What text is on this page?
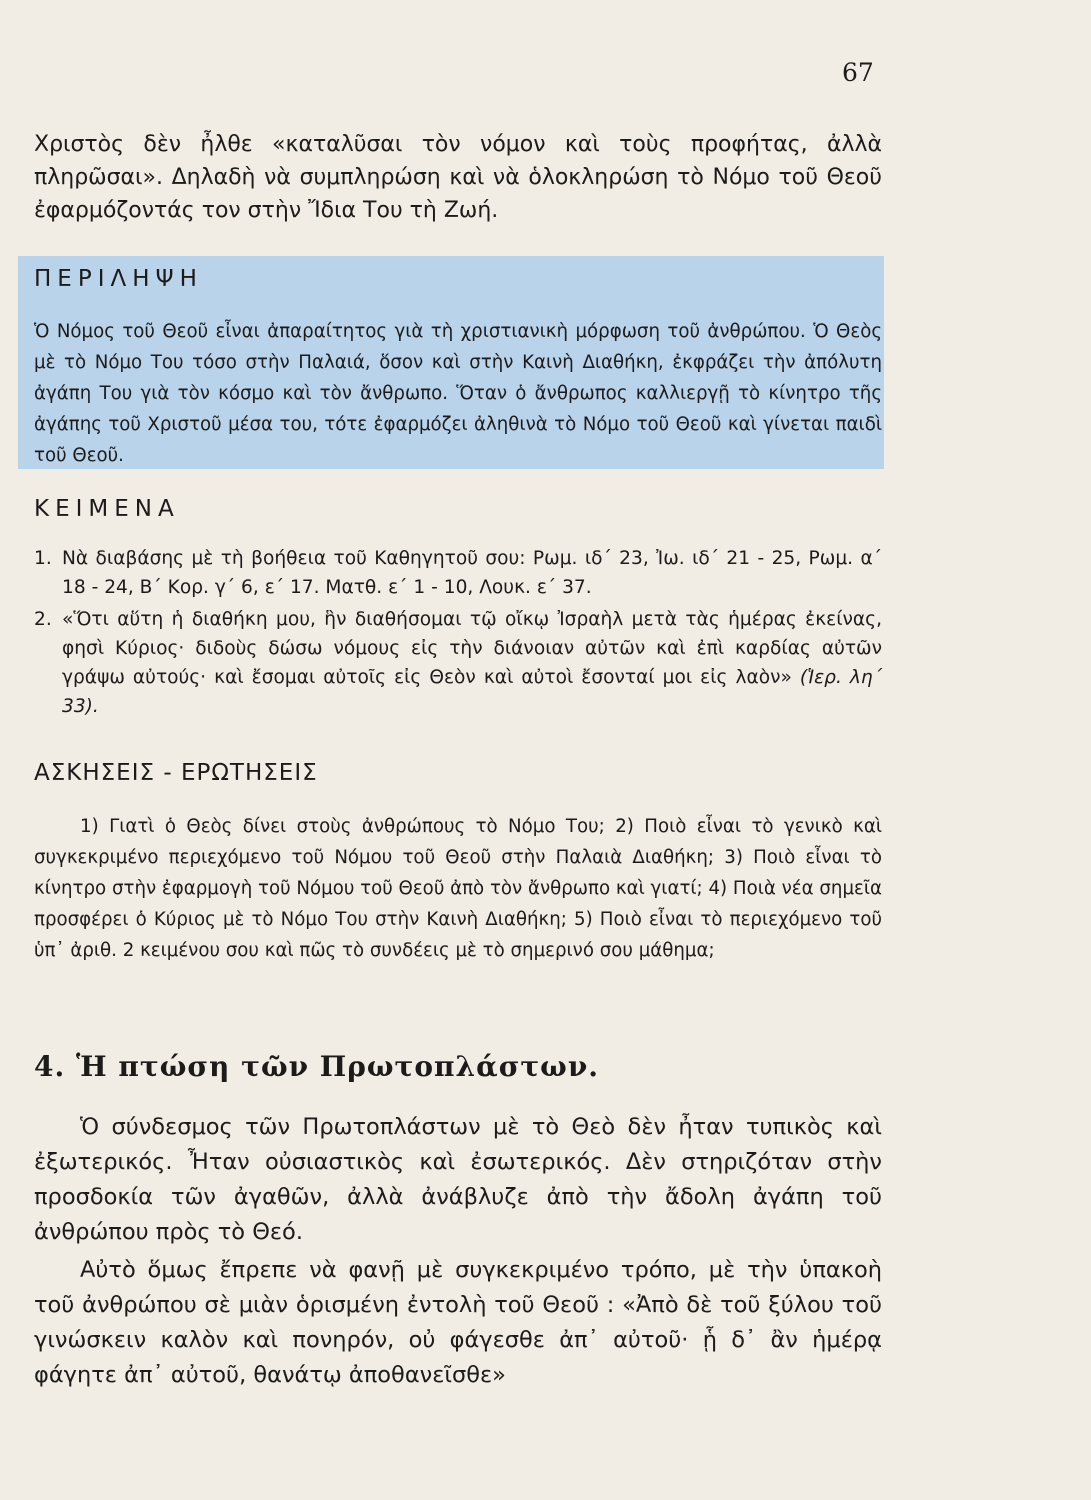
67

Χριστὸς δὲν ἦλθε «καταλῦσαι τὸν νόμον καὶ τοὺς προφήτας, ἀλλὰ πληρῶσαι». Δηλαδὴ νὰ συμπληρώση καὶ νὰ ὁλοκληρώση τὸ Νόμο τοῦ Θεοῦ ἐφαρμόζοντάς τον στὴν Ἴδια Του τὴ Ζωή.

ΠΕΡΙΛΗΨΗ

Ὁ Νόμος τοῦ Θεοῦ εἶναι ἀπαραίτητος γιὰ τὴ χριστιανικὴ μόρφωση τοῦ ἀνθρώπου. Ὁ Θεὸς μὲ τὸ Νόμο Του τόσο στὴν Παλαιά, ὅσον καὶ στὴν Καινὴ Διαθήκη, ἐκφράζει τὴν ἀπόλυτη ἀγάπη Του γιὰ τὸν κόσμο καὶ τὸν ἄνθρωπο. Ὅταν ὁ ἄνθρωπος καλλιεργῇ τὸ κίνητρο τῆς ἀγάπης τοῦ Χριστοῦ μέσα του, τότε ἐφαρμόζει ἀληθινὰ τὸ Νόμο τοῦ Θεοῦ καὶ γίνεται παιδὶ τοῦ Θεοῦ.

ΚΕΙΜΕΝΑ
1. Νὰ διαβάσης μὲ τὴ βοήθεια τοῦ Καθηγητοῦ σου: Ρωμ. ιδ΄ 23, Ἰω. ιδ΄ 21 - 25, Ρωμ. α΄ 18 - 24, Β΄ Κορ. γ΄ 6, ε΄ 17. Ματθ. ε΄ 1 - 10, Λουκ. ε΄ 37.
2. «Ὅτι αὕτη ἡ διαθήκη μου, ἣν διαθήσομαι τῷ οἴκῳ Ἰσραὴλ μετὰ τὰς ἡμέρας ἐκείνας, φησὶ Κύριος· διδοὺς δώσω νόμους εἰς τὴν διάνοιαν αὐτῶν καὶ ἐπὶ καρδίας αὐτῶν γράψω αὐτούς· καὶ ἔσομαι αὐτοῖς εἰς Θεὸν καὶ αὐτοὶ ἔσονταί μοι εἰς λαὸν» (Ἱερ. λη΄ 33).
ΑΣΚΗΣΕΙΣ - ΕΡΩΤΗΣΕΙΣ

1) Γιατὶ ὁ Θεὸς δίνει στοὺς ἀνθρώπους τὸ Νόμο Του; 2) Ποιὸ εἶναι τὸ γενικὸ καὶ συγκεκριμένο περιεχόμενο τοῦ Νόμου τοῦ Θεοῦ στὴν Παλαιὰ Διαθήκη; 3) Ποιὸ εἶναι τὸ κίνητρο στὴν ἐφαρμογὴ τοῦ Νόμου τοῦ Θεοῦ ἀπὸ τὸν ἄνθρωπο καὶ γιατί; 4) Ποιὰ νέα σημεῖα προσφέρει ὁ Κύριος μὲ τὸ Νόμο Του στὴν Καινὴ Διαθήκη; 5) Ποιὸ εἶναι τὸ περιεχόμενο τοῦ ὑπ᾽ ἀριθ. 2 κειμένου σου καὶ πῶς τὸ συνδέεις μὲ τὸ σημερινό σου μάθημα;

4. Ἡ πτώση τῶν Πρωτοπλάστων.

Ὁ σύνδεσμος τῶν Πρωτοπλάστων μὲ τὸ Θεὸ δὲν ἦταν τυπικὸς καὶ ἐξωτερικός. Ἦταν οὐσιαστικὸς καὶ ἐσωτερικός. Δὲν στηριζόταν στὴν προσδοκία τῶν ἀγαθῶν, ἀλλὰ ἀνάβλυζε ἀπὸ τὴν ἄδολη ἀγάπη τοῦ ἀνθρώπου πρὸς τὸ Θεό.

Αὐτὸ ὅμως ἔπρεπε νὰ φανῇ μὲ συγκεκριμένο τρόπο, μὲ τὴν ὑπακοὴ τοῦ ἀνθρώπου σὲ μιὰν ὁρισμένη ἐντολὴ τοῦ Θεοῦ : «Ἀπὸ δὲ τοῦ ξύλου τοῦ γινώσκειν καλὸν καὶ πονηρόν, οὐ φάγεσθε ἀπ᾽ αὐτοῦ· ᾗ δ᾽ ἂν ἡμέρᾳ φάγητε ἀπ᾽ αὐτοῦ, θανάτῳ ἀποθανεῖσθε»
